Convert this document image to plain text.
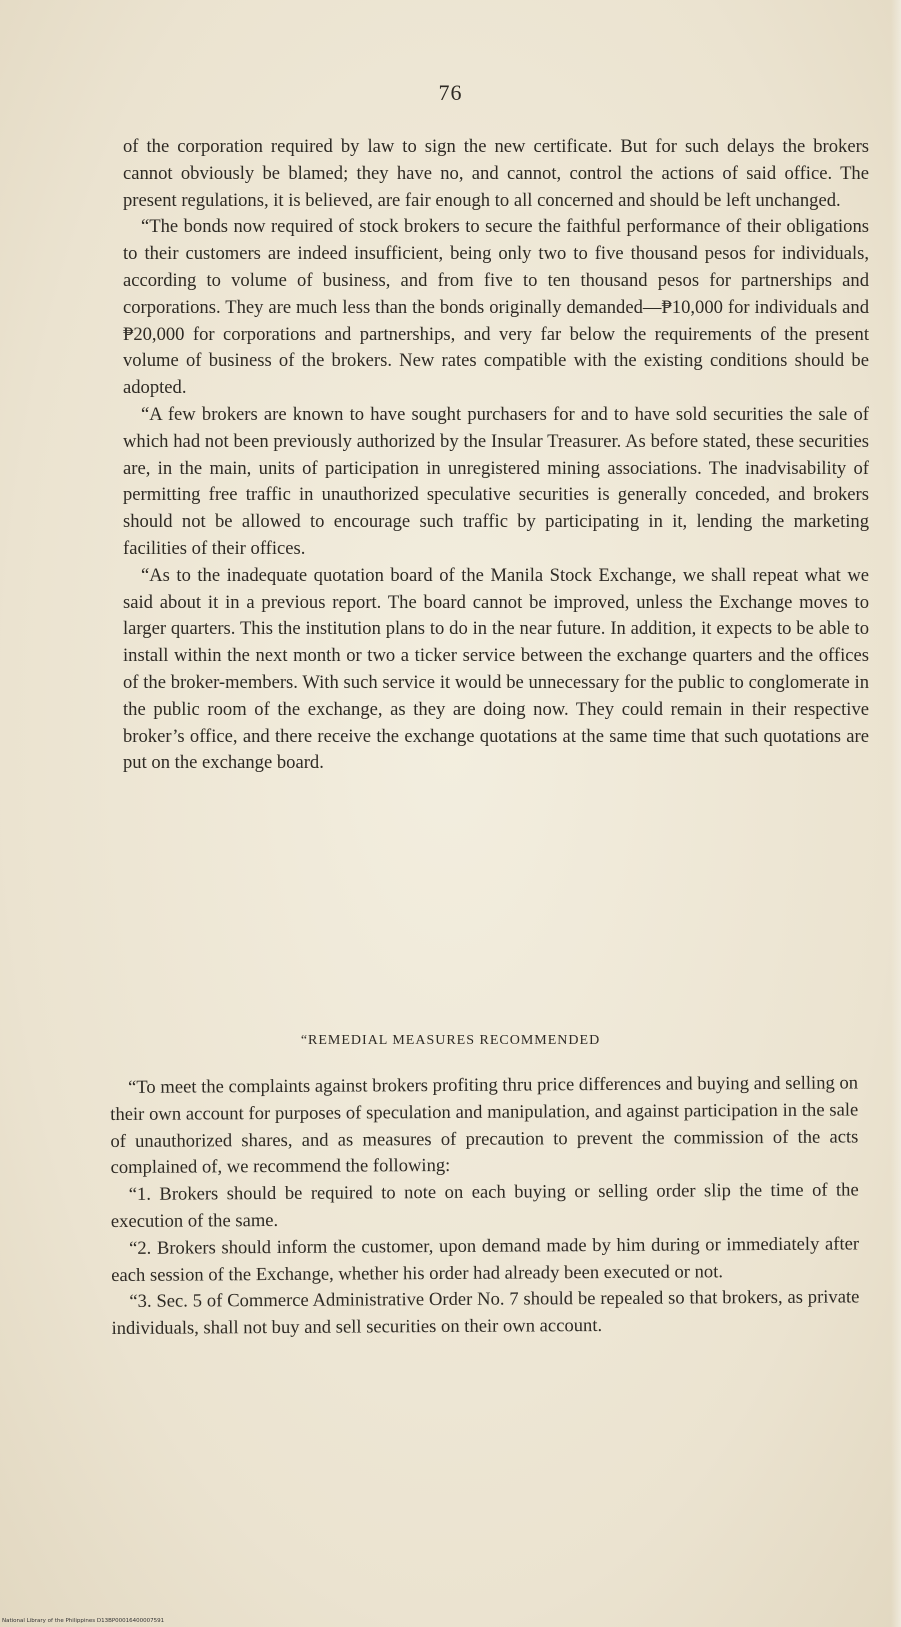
76

of the corporation required by law to sign the new certificate. But for such delays the brokers cannot obviously be blamed; they have no, and cannot, control the actions of said office. The present regulations, it is believed, are fair enough to all concerned and should be left unchanged.

“The bonds now required of stock brokers to secure the faithful performance of their obligations to their customers are indeed insufficient, being only two to five thousand pesos for individuals, according to volume of business, and from five to ten thousand pesos for partnerships and corporations. They are much less than the bonds originally demanded—₱10,000 for individuals and ₱20,000 for corporations and partnerships, and very far below the requirements of the present volume of business of the brokers. New rates compatible with the existing conditions should be adopted.

“A few brokers are known to have sought purchasers for and to have sold securities the sale of which had not been previously authorized by the Insular Treasurer. As before stated, these securities are, in the main, units of participation in unregistered mining associations. The inadvisability of permitting free traffic in unauthorized speculative securities is generally conceded, and brokers should not be allowed to encourage such traffic by participating in it, lending the marketing facilities of their offices.

“As to the inadequate quotation board of the Manila Stock Exchange, we shall repeat what we said about it in a previous report. The board cannot be improved, unless the Exchange moves to larger quarters. This the institution plans to do in the near future. In addition, it expects to be able to install within the next month or two a ticker service between the exchange quarters and the offices of the broker-members. With such service it would be unnecessary for the public to conglomerate in the public room of the exchange, as they are doing now. They could remain in their respective broker’s office, and there receive the exchange quotations at the same time that such quotations are put on the exchange board.

“REMEDIAL MEASURES RECOMMENDED

“To meet the complaints against brokers profiting thru price differences and buying and selling on their own account for purposes of speculation and manipulation, and against participation in the sale of unauthorized shares, and as measures of precaution to prevent the commission of the acts complained of, we recommend the following:

“1. Brokers should be required to note on each buying or selling order slip the time of the execution of the same.

“2. Brokers should inform the customer, upon demand made by him during or immediately after each session of the Exchange, whether his order had already been executed or not.

“3. Sec. 5 of Commerce Administrative Order No. 7 should be repealed so that brokers, as private individuals, shall not buy and sell securities on their own account.

National Library of the Philippines D13BP00016400007591
